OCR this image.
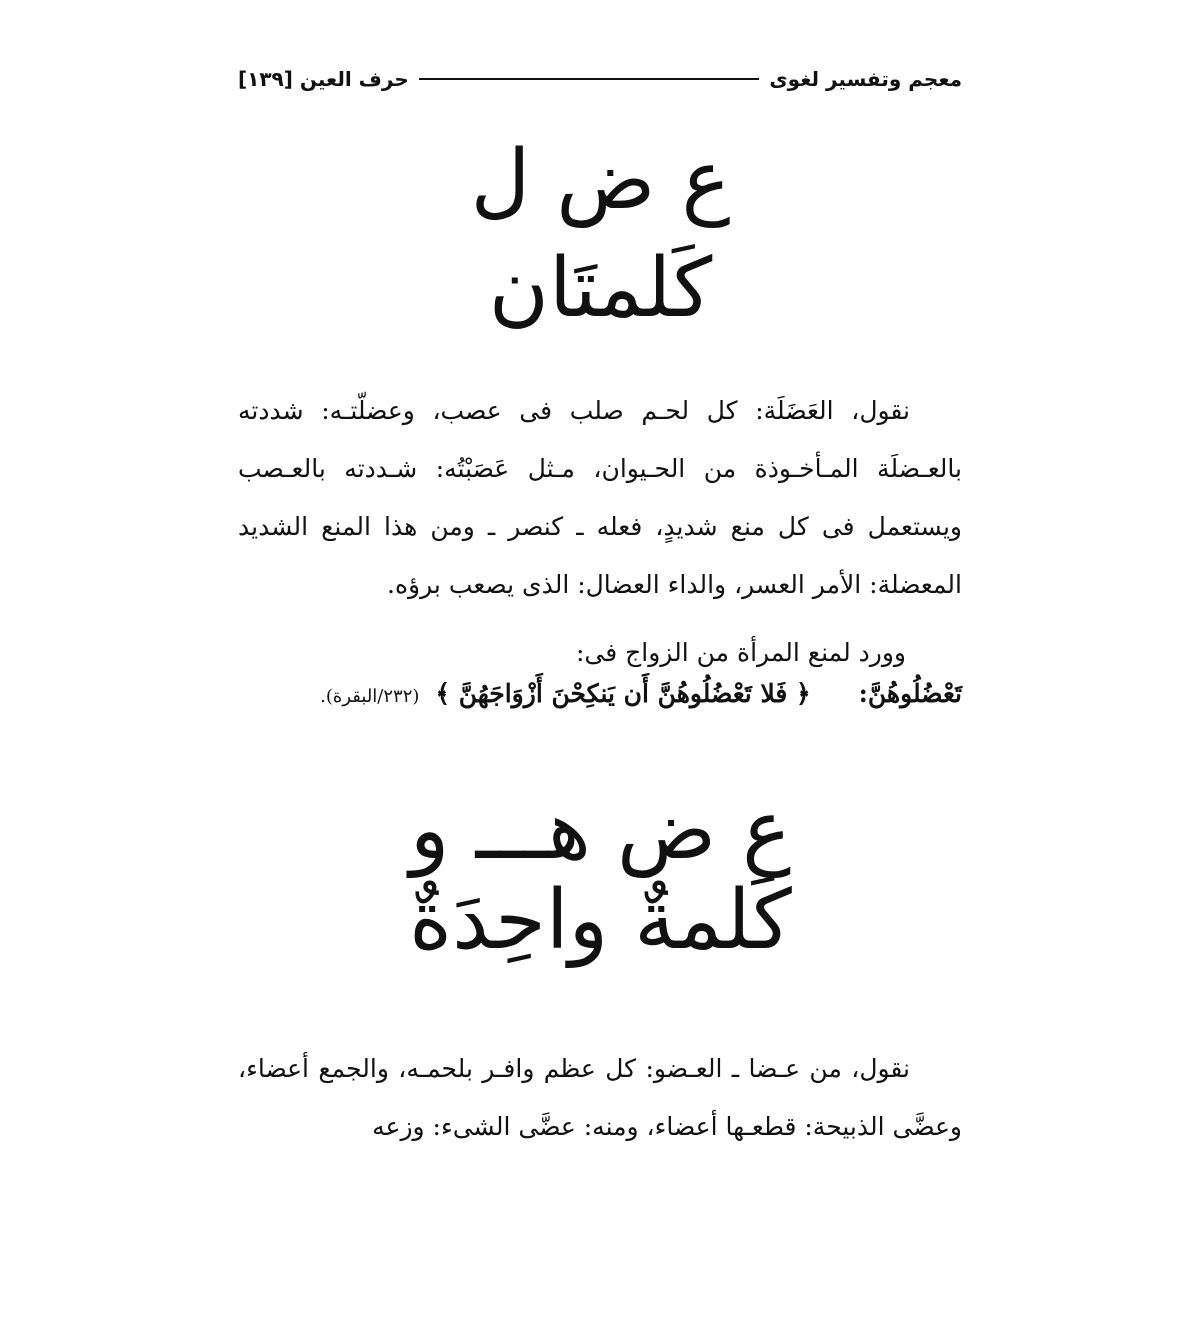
معجم وتفسير لغوى
حرف العين [١٣٩]
ع ض ل
كَلمتَان
نقول، العَضَلَة: كل لحـم صلب فى عصب، وعضلّتـه: شددته بالعـضلَة المـأخـوذة من الحـيوان، مـثل عَصَبْتُه: شـددته بالعـصب ويستعمل فى كل منع شديدٍ، فعله ـ كنصر ـ ومن هذا المنع الشديد المعضلة: الأمر العسر، والداء العضال: الذى يصعب برؤه.
وورد لمنع المرأة من الزواج فى:
تَعْضُلُوهُنَّ: ﴿ فَلا تَعْضُلُوهُنَّ أَن يَنكِحْنَ أَزْوَاجَهُنَّ ﴾ (٢٣٢/البقرة).
ع ض هـــ و
كَلمةٌ واحِدَةٌ
نقول، من عـضا ـ العـضو: كل عظم وافـر بلحمـه، والجمع أعضاء، وعضَّى الذبيحة: قطعـها أعضاء، ومنه: عضَّى الشىء: وزعه
